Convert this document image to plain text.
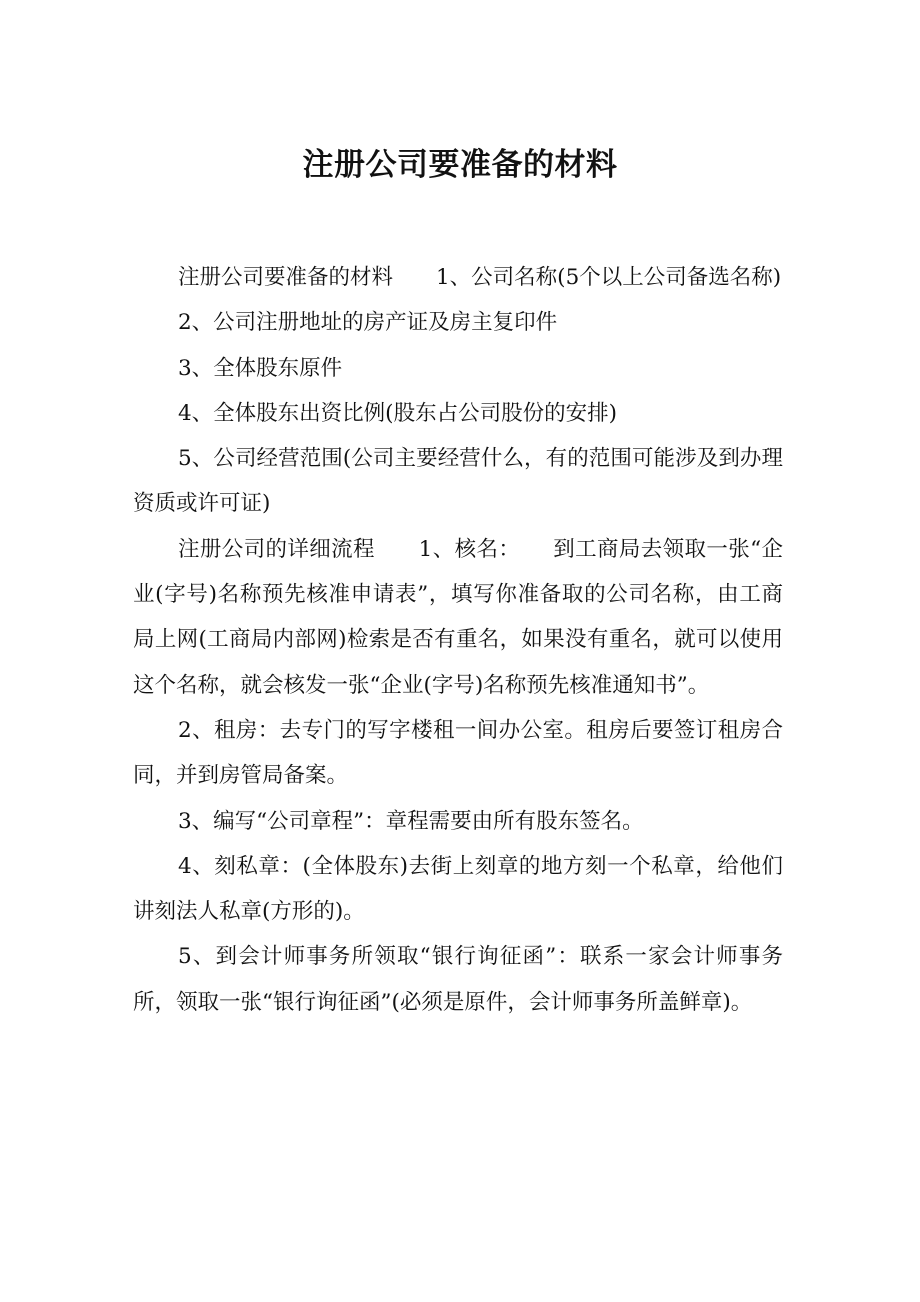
注册公司要准备的材料

注册公司要准备的材料　　1、公司名称(5个以上公司备选名称)

2、公司注册地址的房产证及房主复印件

3、全体股东原件

4、全体股东出资比例(股东占公司股份的安排)

5、公司经营范围(公司主要经营什么，有的范围可能涉及到办理资质或许可证)

注册公司的详细流程　　1、核名：　　到工商局去领取一张“企业(字号)名称预先核准申请表”，填写你准备取的公司名称，由工商局上网(工商局内部网)检索是否有重名，如果没有重名，就可以使用这个名称，就会核发一张“企业(字号)名称预先核准通知书”。

2、租房：去专门的写字楼租一间办公室。租房后要签订租房合同，并到房管局备案。

3、编写“公司章程”：章程需要由所有股东签名。

4、刻私章：(全体股东)去街上刻章的地方刻一个私章，给他们讲刻法人私章(方形的)。

5、到会计师事务所领取“银行询征函”：联系一家会计师事务所，领取一张“银行询征函”(必须是原件，会计师事务所盖鲜章)。
